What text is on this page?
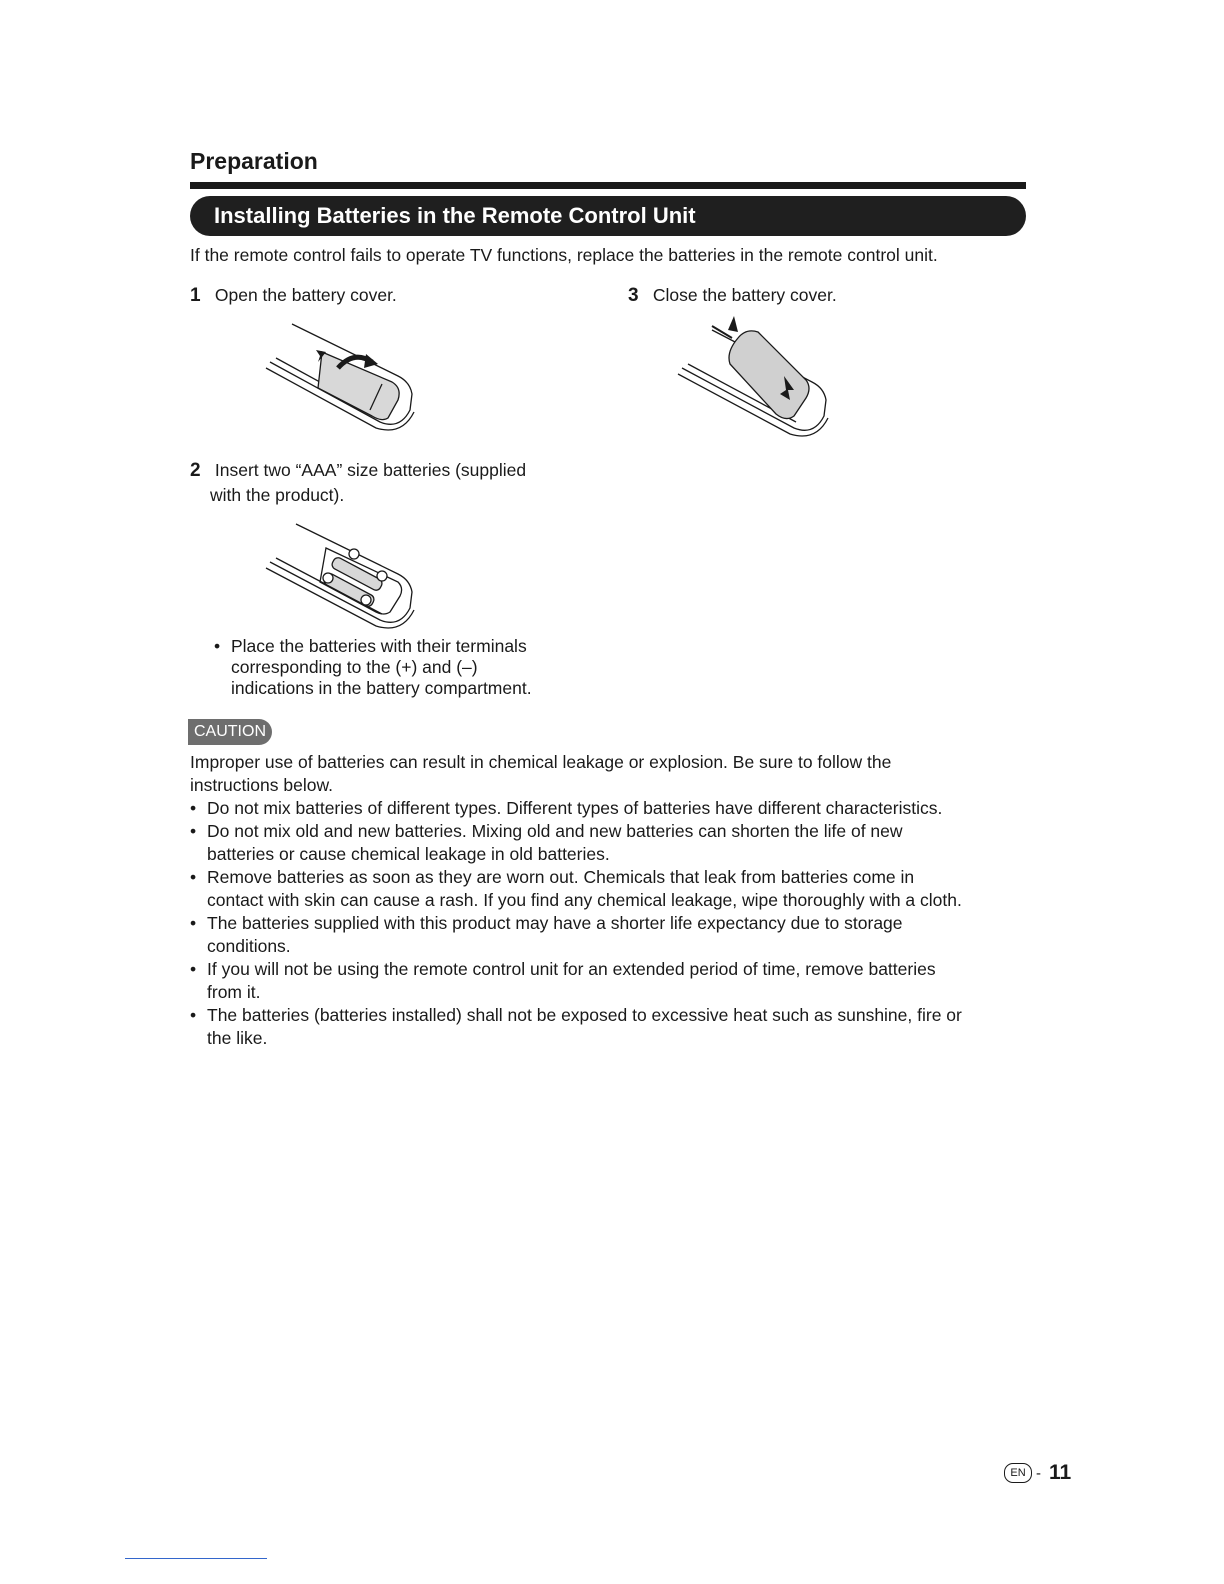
Preparation
Installing Batteries in the Remote Control Unit
If the remote control fails to operate TV functions, replace the batteries in the remote control unit.
1 Open the battery cover.	3 Close the battery cover.
2 Insert two “AAA” size batteries (supplied
with the product).
• Place the batteries with their terminals
corresponding to the (+) and (–)
indications in the battery compartment.
CAUTION
Improper use of batteries can result in chemical leakage or explosion. Be sure to follow the
instructions below.
• Do not mix batteries of different types. Different types of batteries have different characteristics.
• Do not mix old and new batteries. Mixing old and new batteries can shorten the life of new
batteries or cause chemical leakage in old batteries.
• Remove batteries as soon as they are worn out. Chemicals that leak from batteries come in
contact with skin can cause a rash. If you find any chemical leakage, wipe thoroughly with a cloth.
• The batteries supplied with this product may have a shorter life expectancy due to storage
conditions.
• If you will not be using the remote control unit for an extended period of time, remove batteries
from it.
• The batteries (batteries installed) shall not be exposed to excessive heat such as sunshine, fire or
the like.
EN - 11
